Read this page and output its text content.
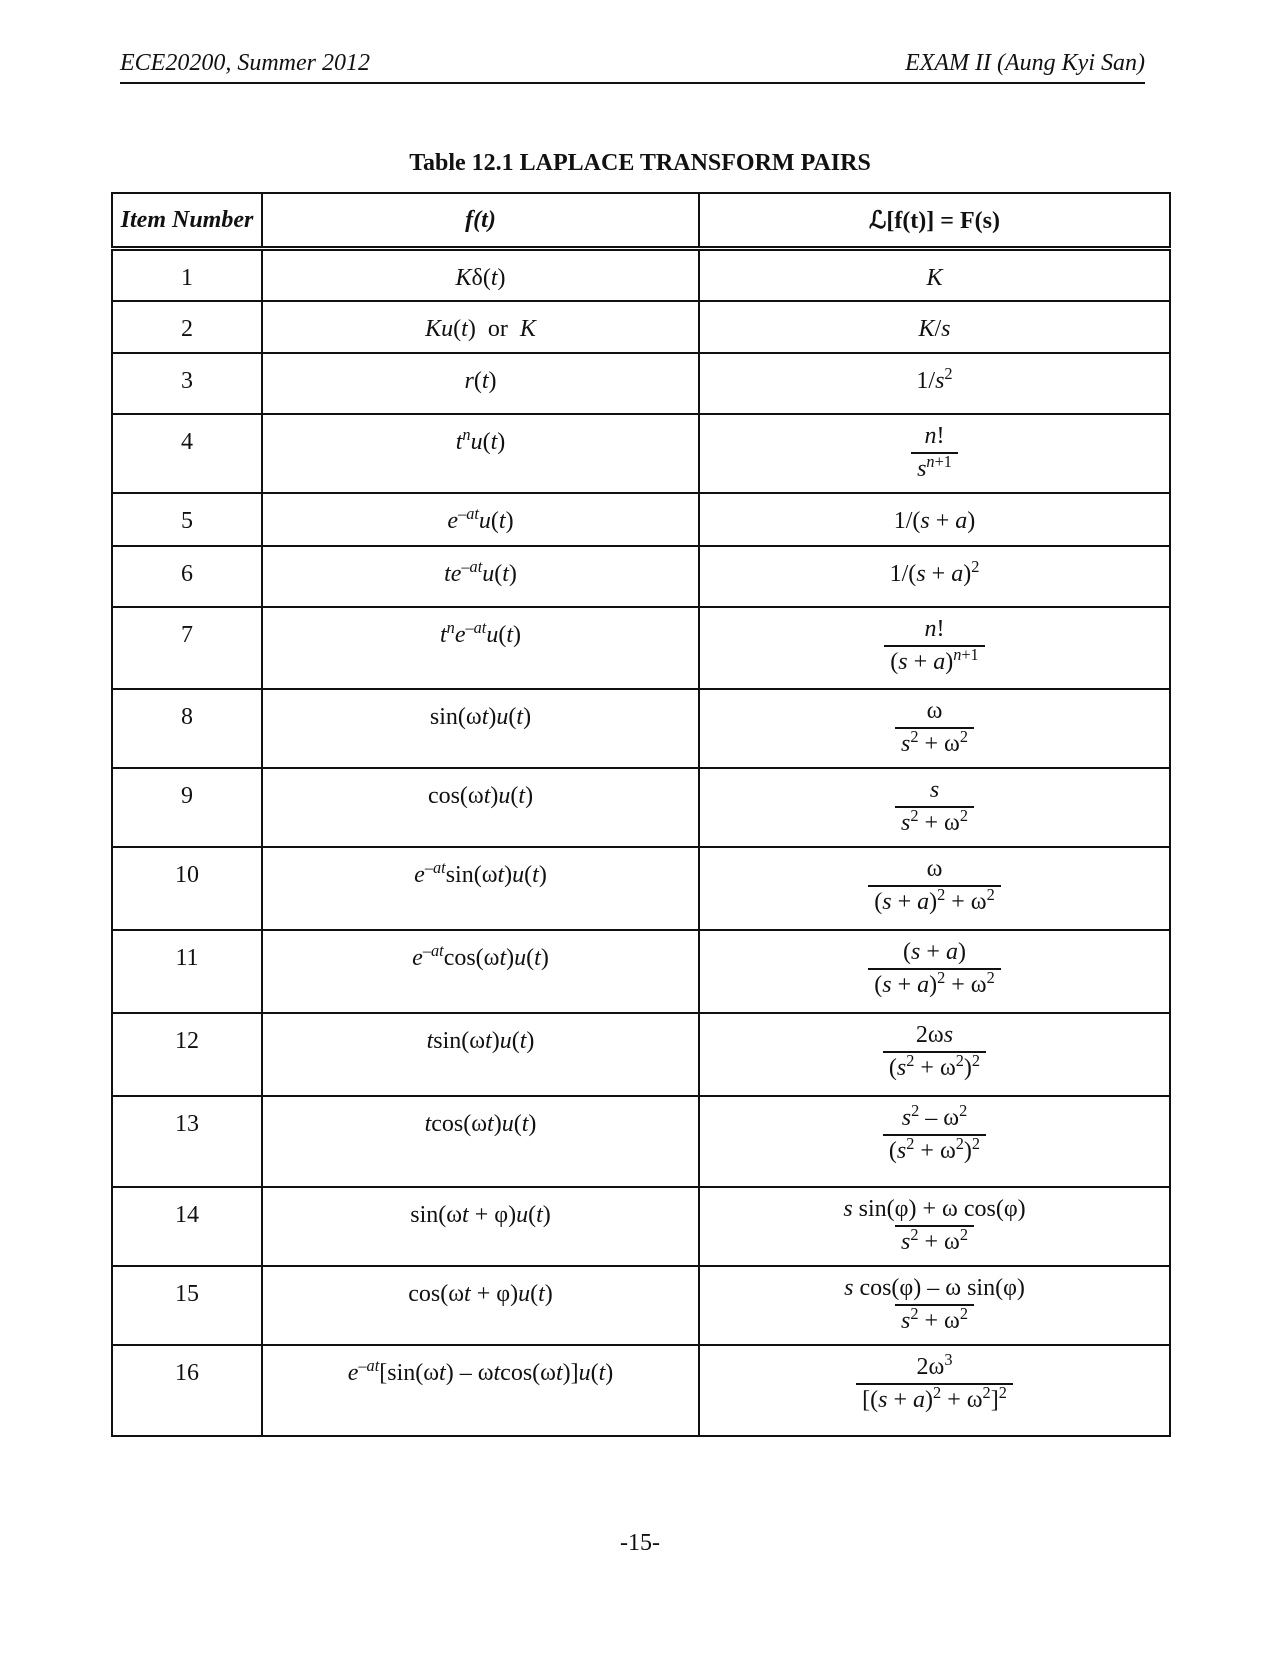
ECE20200, Summer 2012	EXAM II (Aung Kyi San)
Table 12.1 LAPLACE TRANSFORM PAIRS
Item Number	f(t)	ℒ[f(t)] = F(s)

1	Kδ(t)	K

2	Ku(t)  or K	K/s

3	r(t)	$1/s^2$

4	$t^nu(t)$	$\frac{n!}{s^{n+1}}$

5	$e^{-at}u(t)$	1/(s + a)

6	$te^{-at}u(t)$	$1/(s + a)^2$

7	$t^ne^{-at}u(t)$	$\frac{n!}{(s + a)^{n+1}}$

8	sin(ωt)u(t)	$\frac{\omega}{s^2 + \omega^2}$

9	cos(ωt)u(t)	$\frac{s}{s^2 + \omega^2}$

10	$e^{-at}\sin(\omega t)u(t)$	$\frac{\omega}{(s + a)^2 + \omega^2}$

11	$e^{-at}\cos(\omega t)u(t)$	$\frac{(s + a)}{(s + a)^2 + \omega^2}$

12	tsin(ωt)u(t)	$\frac{2\omega s}{(s^2 + \omega^2)^2}$

13	tcos(ωt)u(t)	$\frac{s^2 - \omega^2}{(s^2 + \omega^2)^2}$

14	sin(ωt + φ)u(t)	$\frac{\text{s sin(φ) + ω cos(φ)}}{s^2 + \omega^2}$

15	cos(ωt + φ)u(t)	$\frac{\text{s cos(φ) – ω sin(φ)}}{s^2 + \omega^2}$

16	$e^{-at}[\sin(\omega t) - \omega tcos(\omega t)]u(t)$	$\frac{2\omega^3}{[(s + a)^2 + \omega^2]^2}$
-15-
